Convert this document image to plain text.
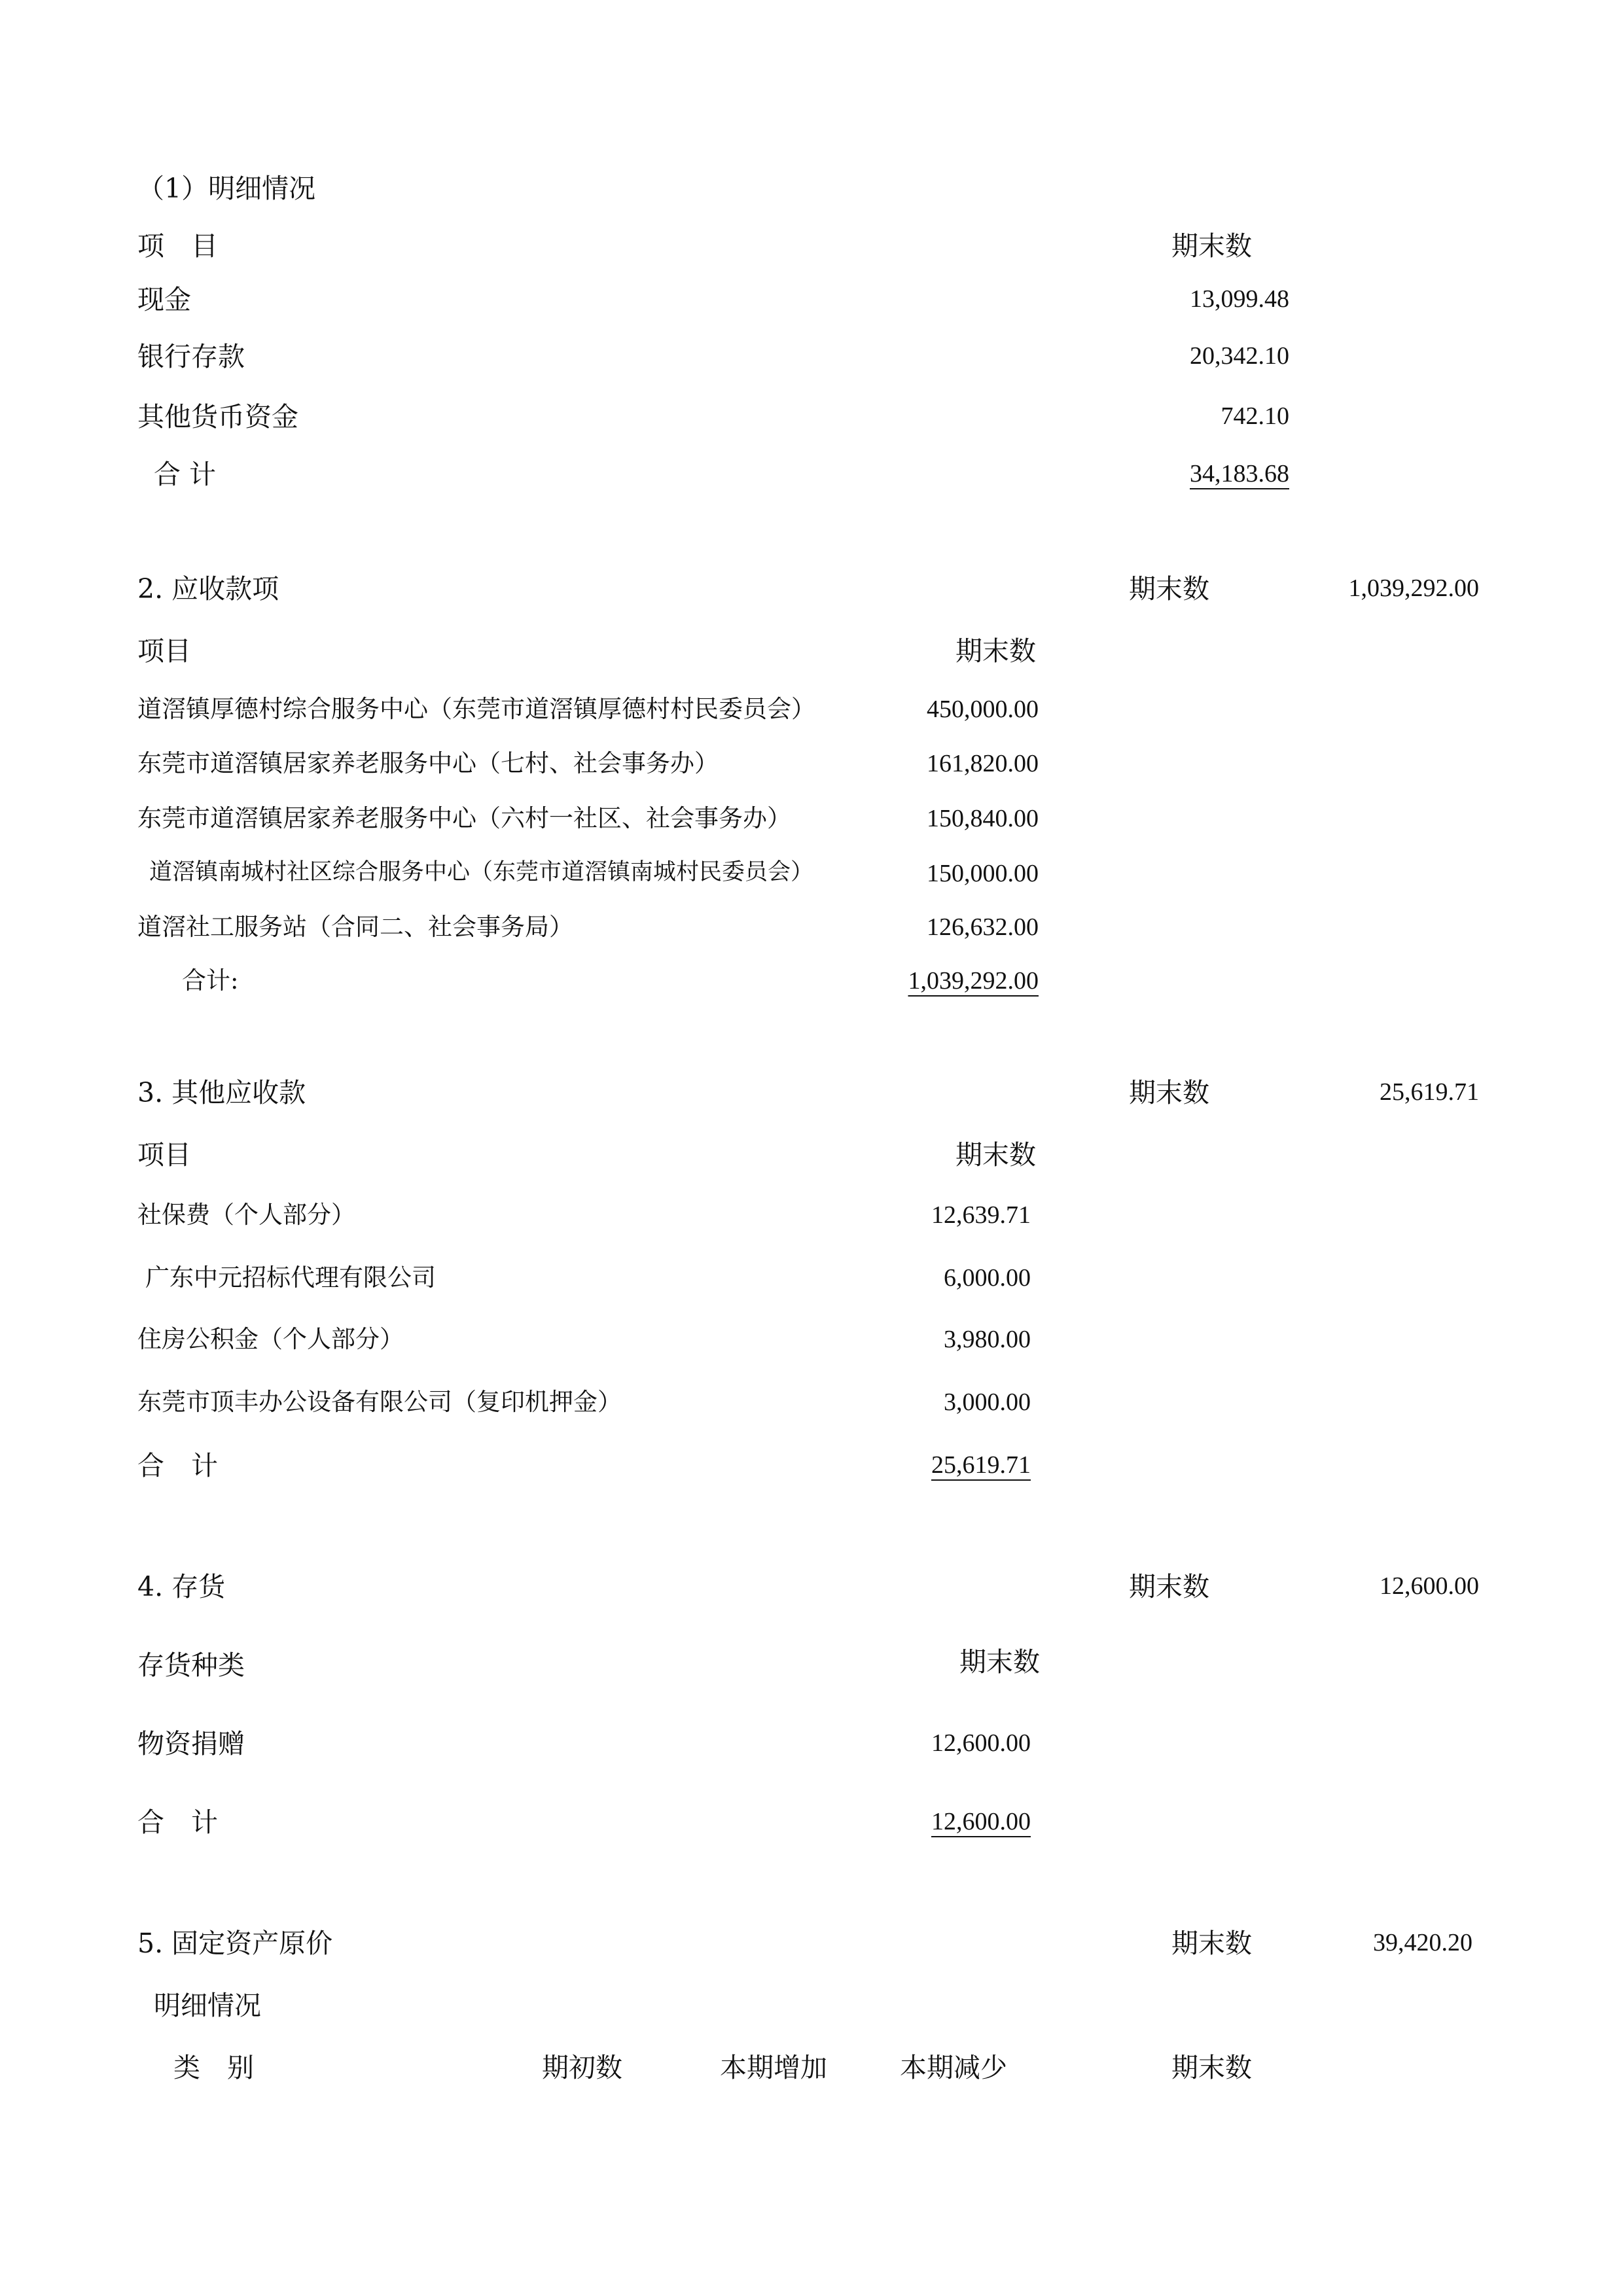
（1）明细情况
项　目	期末数
现金	13,099.48
银行存款	20,342.10
其他货币资金	742.10
合 计	34,183.68
2. 应收款项	期末数	1,039,292.00
项目	期末数
道滘镇厚德村综合服务中心（东莞市道滘镇厚德村村民委员会）	450,000.00
东莞市道滘镇居家养老服务中心（七村、社会事务办）	161,820.00
东莞市道滘镇居家养老服务中心（六村一社区、社会事务办）	150,840.00
道滘镇南城村社区综合服务中心（东莞市道滘镇南城村民委员会）	150,000.00
道滘社工服务站（合同二、社会事务局）	126,632.00
合计:	1,039,292.00
3. 其他应收款	期末数	25,619.71
项目	期末数
社保费（个人部分）	12,639.71
广东中元招标代理有限公司	6,000.00
住房公积金（个人部分）	3,980.00
东莞市顶丰办公设备有限公司（复印机押金）	3,000.00
合　计	25,619.71
4. 存货	期末数	12,600.00
存货种类	期末数
物资捐赠	12,600.00
合　计	12,600.00
5. 固定资产原价	期末数	39,420.20
明细情况
类　别	期初数	本期增加	本期减少	期末数
